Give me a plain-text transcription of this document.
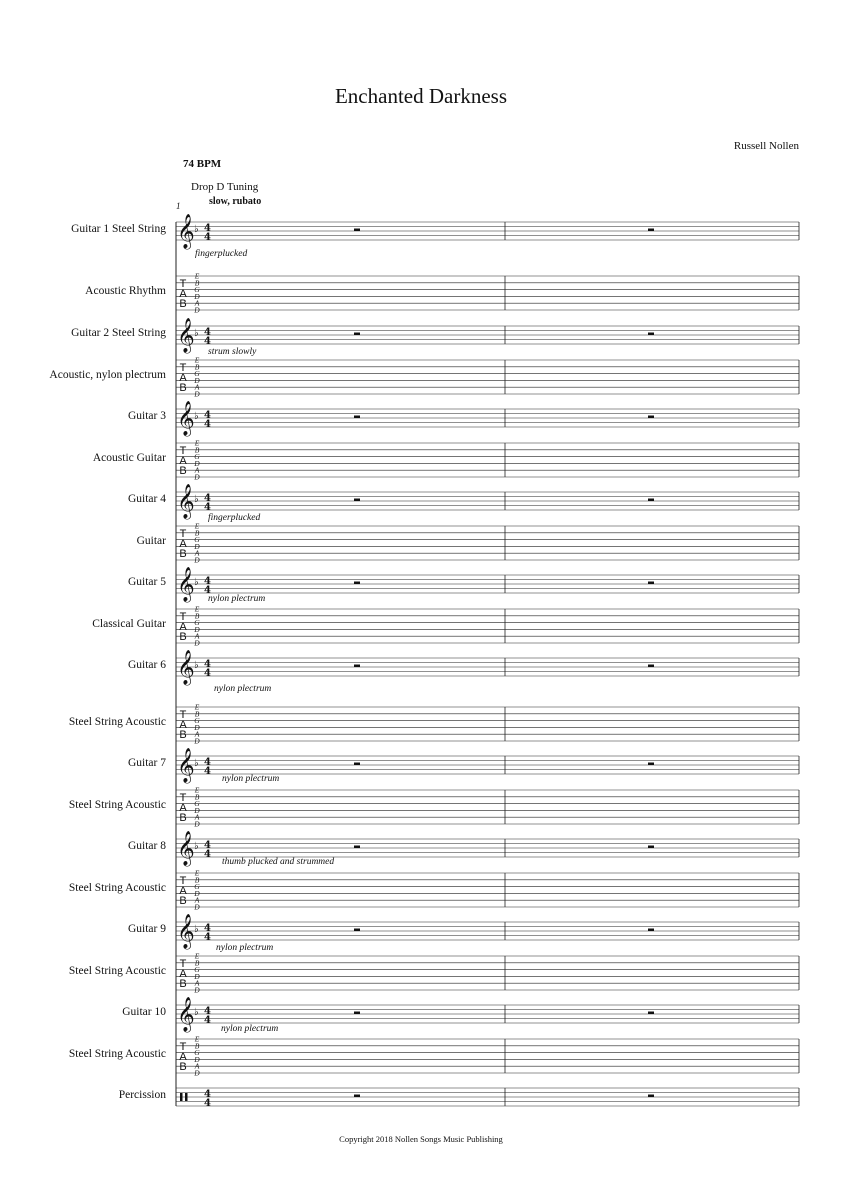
Enchanted Darkness
Russell Nollen
74 BPM
Drop D Tuning
slow, rubato
1
𝄞 ♭ 4
4
E
B
G
D
A
D
T
A
B
𝄞 ♭ 4
4
E
B
G
D
A
D
T
A
B
𝄞 ♭ 4
4
E
B
G
D
A
D
T
A
B
𝄞 ♭ 4
4
E
B
G
D
A
D
T
A
B
𝄞 ♭ 4
4
E
B
G
D
A
D
T
A
B
𝄞 ♭ 4
4
E
B
G
D
A
D
T
A
B
𝄞 ♭ 4
4
E
B
G
D
A
D
T
A
B
𝄞 ♭ 4
4
E
B
G
D
A
D
T
A
B
𝄞 ♭ 4
4
E
B
G
D
A
D
T
A
B
𝄞 ♭ 4
4
E
B
G
D
A
D
T
A
B
4
4
Guitar 1 Steel String
Acoustic Rhythm
Guitar 2 Steel String
Acoustic, nylon plectrum
Guitar 3
Acoustic Guitar
Guitar 4
Guitar
Guitar 5
Classical Guitar
Guitar 6
Steel String Acoustic
Guitar 7
Steel String Acoustic
Guitar 8
Steel String Acoustic
Guitar 9
Steel String Acoustic
Guitar 10
Steel String Acoustic
Percission
fingerplucked
strum slowly
fingerplucked
nylon plectrum
nylon plectrum
nylon plectrum
thumb plucked and strummed
nylon plectrum
nylon plectrum
Copyright 2018 Nollen Songs Music Publishing
